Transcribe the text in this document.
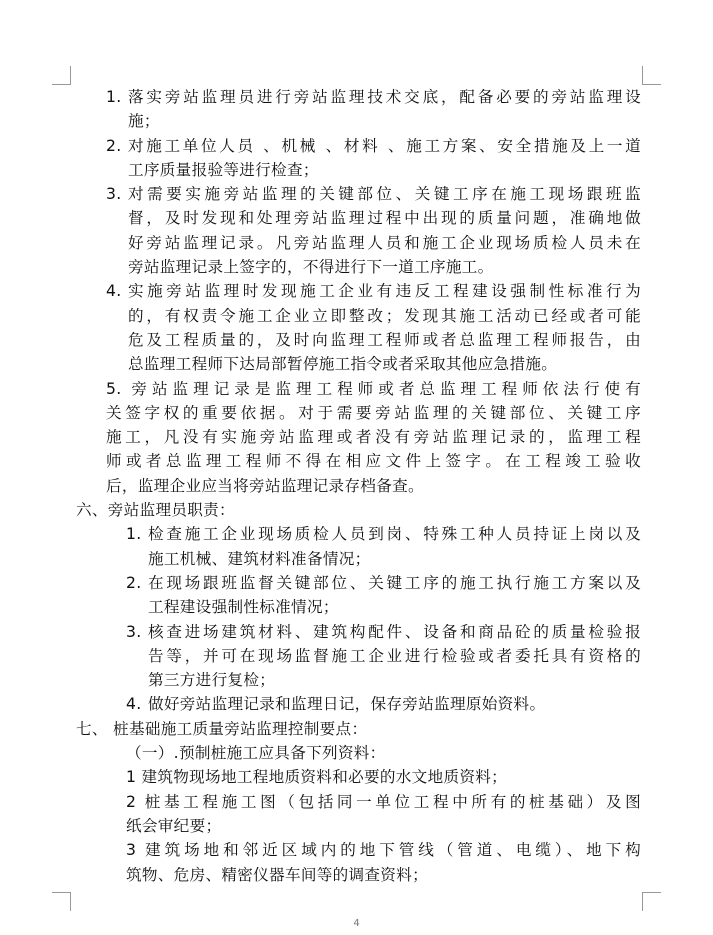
1. 落实旁站监理员进行旁站监理技术交底，配备必要的旁站监理设
施；
2. 对施工单位人员 、机械 、材料 、施工方案、安全措施及上一道
工序质量报验等进行检查；
3. 对需要实施旁站监理的关键部位、关键工序在施工现场跟班监
督，及时发现和处理旁站监理过程中出现的质量问题，准确地做
好旁站监理记录。凡旁站监理人员和施工企业现场质检人员未在
旁站监理记录上签字的，不得进行下一道工序施工。
4. 实施旁站监理时发现施工企业有违反工程建设强制性标准行为
的，有权责令施工企业立即整改；发现其施工活动已经或者可能
危及工程质量的，及时向监理工程师或者总监理工程师报告，由
总监理工程师下达局部暂停施工指令或者采取其他应急措施。
5. 旁站监理记录是监理工程师或者总监理工程师依法行使有
关签字权的重要依据。对于需要旁站监理的关键部位、关键工序
施工，凡没有实施旁站监理或者没有旁站监理记录的，监理工程
师或者总监理工程师不得在相应文件上签字。在工程竣工验收
后，监理企业应当将旁站监理记录存档备查。
六、旁站监理员职责：
1. 检查施工企业现场质检人员到岗、特殊工种人员持证上岗以及
施工机械、建筑材料准备情况；
2. 在现场跟班监督关键部位、关键工序的施工执行施工方案以及
工程建设强制性标准情况；
3. 核查进场建筑材料、建筑构配件、设备和商品砼的质量检验报
告等，并可在现场监督施工企业进行检验或者委托具有资格的
第三方进行复检；
4. 做好旁站监理记录和监理日记，保存旁站监理原始资料。
七、 桩基础施工质量旁站监理控制要点：
（一）.预制桩施工应具备下列资料：
1 建筑物现场地工程地质资料和必要的水文地质资料；
2 桩基工程施工图（包括同一单位工程中所有的桩基础）及图
纸会审纪要；
3 建筑场地和邻近区域内的地下管线（管道、电缆）、地下构
筑物、危房、精密仪器车间等的调查资料；
4
